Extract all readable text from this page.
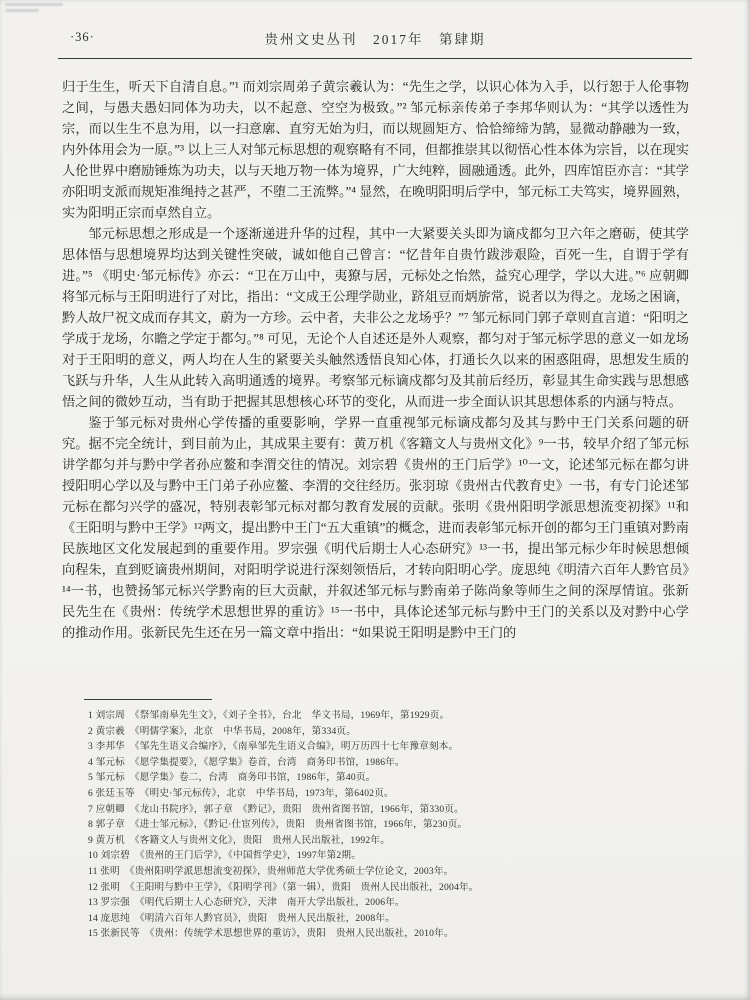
·36·	贵州文史丛刊　2017年　第肆期

归于生生，听天下自清自息。”¹ 而刘宗周弟子黄宗羲认为：“先生之学，以识心体为入手，以行恕于人伦事物之间，与愚夫愚妇同体为功夫，以不起意、空空为极致。”² 邹元标亲传弟子李邦华则认为：“其学以透性为宗，而以生生不息为用，以一扫意廓、直穷无始为归，而以规圆矩方、恰恰缔缔为鹄，显微动静融为一致，内外体用会为一原。”³ 以上三人对邹元标思想的观察略有不同，但都推崇其以彻悟心性本体为宗旨，以在现实人伦世界中磨励锤炼为功夫，以与天地万物一体为境界，广大纯粹，圆融通透。此外，四库馆臣亦言：“其学亦阳明支派而规矩准绳持之甚严，不堕二王流弊。”⁴ 显然，在晚明阳明后学中，邹元标工夫笃实，境界圆熟，实为阳明正宗而卓然自立。

邹元标思想之形成是一个逐渐递进升华的过程，其中一大紧要关头即为谪戍都匀卫六年之磨砺，使其学思体悟与思想境界均达到关键性突破，诚如他自己曾言：“忆昔年自贵竹跋涉艰险，百死一生，自谓于学有进。”⁵ 《明史·邹元标传》亦云：“卫在万山中，夷獠与居，元标处之怡然，益究心理学，学以大进。”⁶ 应朝卿将邹元标与王阳明进行了对比，指出：“文成王公理学勋业，跻俎豆而炳旂常，说者以为得之。龙场之困谪，黔人故尸祝文成而存其文，蔚为一方珍。云中者，夫非公之龙场乎？”⁷ 邹元标同门郭子章则直言道：“阳明之学成于龙场，尔瞻之学定于都匀。”⁸ 可见，无论个人自述还是外人观察，都匀对于邹元标学思的意义一如龙场对于王阳明的意义，两人均在人生的紧要关头触然透悟良知心体，打通长久以来的困惑阻碍，思想发生质的飞跃与升华，人生从此转入高明通透的境界。考察邹元标谪戍都匀及其前后经历，彰显其生命实践与思想感悟之间的微妙互动，当有助于把握其思想核心环节的变化，从而进一步全面认识其思想体系的内涵与特点。

鉴于邹元标对贵州心学传播的重要影响，学界一直重视邹元标谪戍都匀及其与黔中王门关系问题的研究。据不完全统计，到目前为止，其成果主要有：黄万机《客籍文人与贵州文化》⁹一书，较早介绍了邹元标讲学都匀并与黔中学者孙应鳌和李渭交往的情况。刘宗碧《贵州的王门后学》¹⁰一文，论述邹元标在都匀讲授阳明心学以及与黔中王门弟子孙应鳌、李渭的交往经历。张羽琼《贵州古代教育史》一书，有专门论述邹元标在都匀兴学的盛况，特别表彰邹元标对都匀教育发展的贡献。张明《贵州阳明学派思想流变初探》¹¹和《王阳明与黔中王学》¹²两文，提出黔中王门“五大重镇”的概念，进而表彰邹元标开创的都匀王门重镇对黔南民族地区文化发展起到的重要作用。罗宗强《明代后期士人心态研究》¹³一书，提出邹元标少年时候思想倾向程朱，直到贬谪贵州期间，对阳明学说进行深刻领悟后，才转向阳明心学。庞思纯《明清六百年人黔官员》¹⁴一书，也赞扬邹元标兴学黔南的巨大贡献，并叙述邹元标与黔南弟子陈尚象等师生之间的深厚情谊。张新民先生在《贵州：传统学术思想世界的重访》¹⁵一书中，具体论述邹元标与黔中王门的关系以及对黔中心学的推动作用。张新民先生还在另一篇文章中指出：“如果说王阳明是黔中王门的

1 刘宗周　《祭邹南皋先生文》，《刘子全书》，台北　华文书局，1969年，第1929页。
2 黄宗羲　《明儒学案》，北京　中华书局，2008年，第334页。
3 李邦华　《邹先生语义合编序》，《南皋邹先生语义合编》，明万历四十七年豫章刻本。
4 邹元标　《愿学集提要》，《愿学集》卷首，台湾　商务印书馆，1986年。
5 邹元标　《愿学集》卷二，台湾　商务印书馆，1986年，第40页。
6 张廷玉等　《明史·邹元标传》，北京　中华书局，1973年，第6402页。
7 应朝卿　《龙山书院序》，郭子章　《黔记》，贵阳　贵州省图书馆，1966年，第330页。
8 郭子章　《进士邹元标》，《黔记·仕宦列传》，贵阳　贵州省图书馆，1966年，第230页。
9 黄万机　《客籍文人与贵州文化》，贵阳　贵州人民出版社，1992年。
10 刘宗碧　《贵州的王门后学》，《中国哲学史》，1997年第2期。
11 张明　《贵州阳明学派思想流变初探》，贵州师范大学优秀硕士学位论文，2003年。
12 张明　《王阳明与黔中王学》，《阳明学刊》（第一辑），贵阳　贵州人民出版社，2004年。
13 罗宗强　《明代后期士人心态研究》，天津　南开大学出版社，2006年。
14 庞思纯　《明清六百年人黔官员》，贵阳　贵州人民出版社，2008年。
15 张新民等　《贵州：传统学术思想世界的重访》，贵阳　贵州人民出版社，2010年。
